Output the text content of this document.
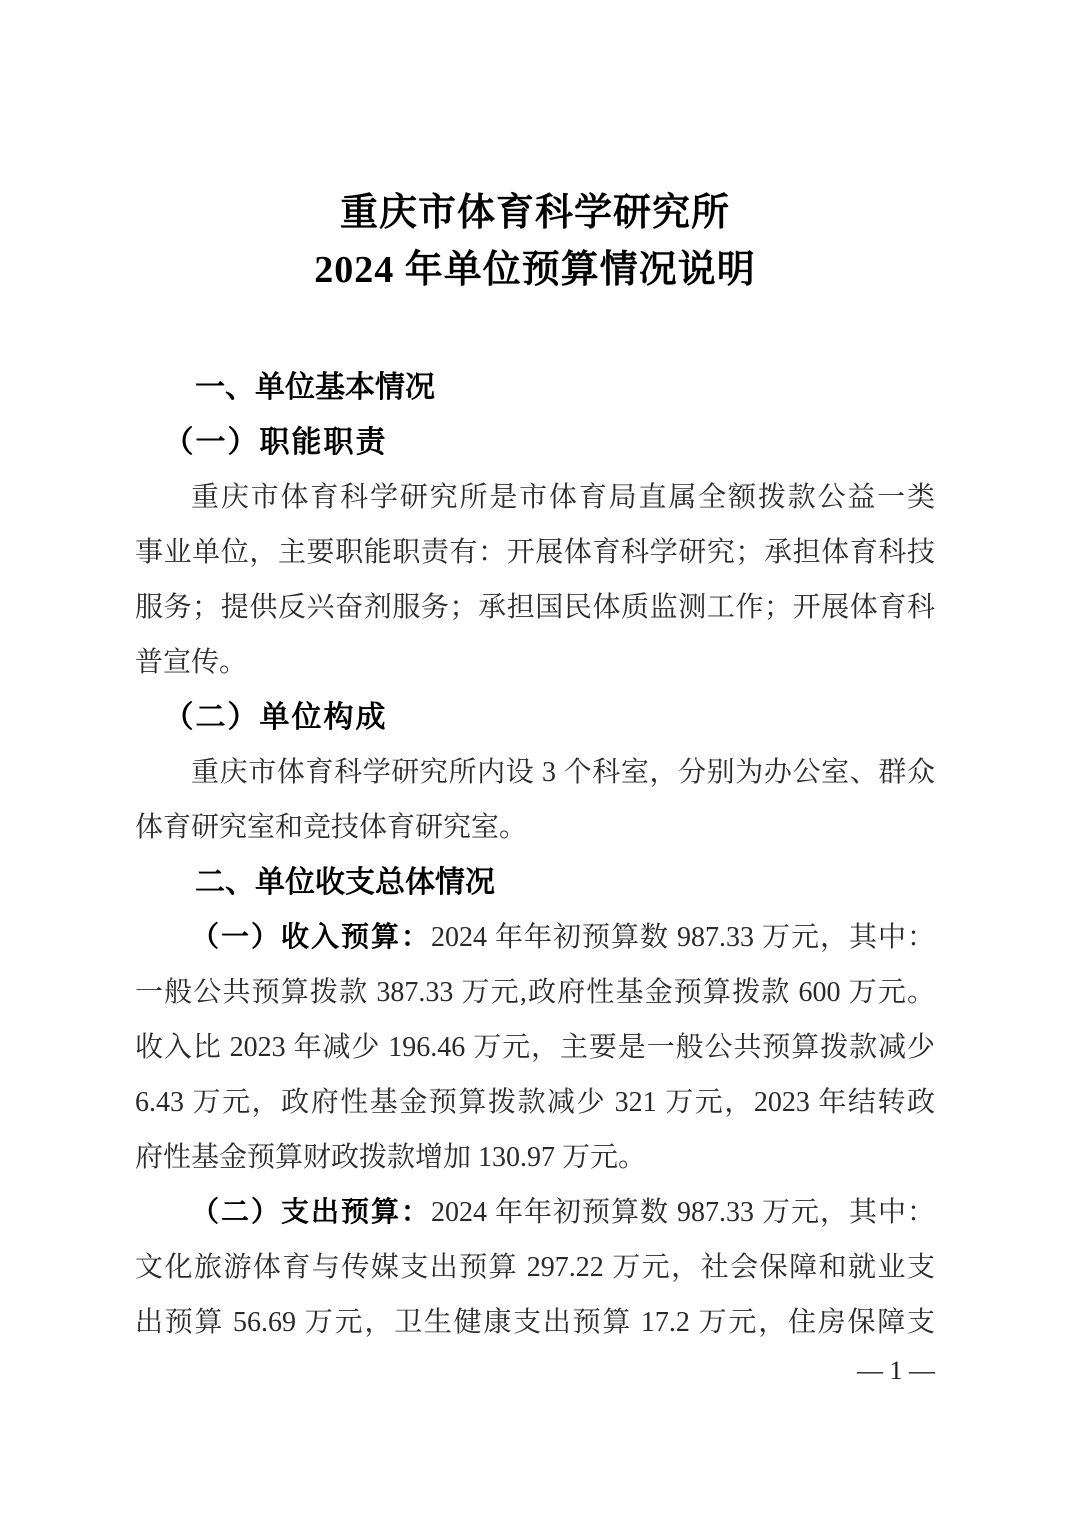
重庆市体育科学研究所
2024 年单位预算情况说明
一、单位基本情况
（一）职能职责
重庆市体育科学研究所是市体育局直属全额拨款公益一类
事业单位，主要职能职责有：开展体育科学研究；承担体育科技
服务；提供反兴奋剂服务；承担国民体质监测工作；开展体育科
普宣传。
（二）单位构成
重庆市体育科学研究所内设 3 个科室，分别为办公室、群众
体育研究室和竞技体育研究室。
二、单位收支总体情况
（一）收入预算：2024 年年初预算数 987.33 万元，其中：
一般公共预算拨款 387.33 万元,政府性基金预算拨款 600 万元。
收入比 2023 年减少 196.46 万元，主要是一般公共预算拨款减少
6.43 万元，政府性基金预算拨款减少 321 万元，2023 年结转政
府性基金预算财政拨款增加 130.97 万元。
（二）支出预算：2024 年年初预算数 987.33 万元，其中：
文化旅游体育与传媒支出预算 297.22 万元，社会保障和就业支
出预算 56.69 万元，卫生健康支出预算 17.2 万元，住房保障支
— 1 —
